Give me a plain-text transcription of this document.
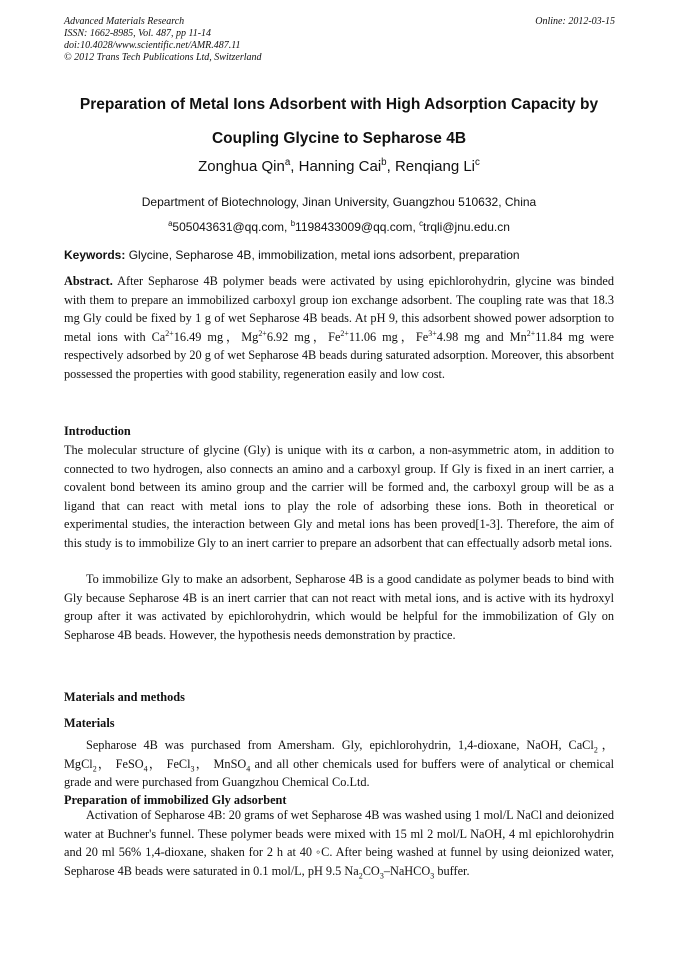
Advanced Materials Research
ISSN: 1662-8985, Vol. 487, pp 11-14
doi:10.4028/www.scientific.net/AMR.487.11
© 2012 Trans Tech Publications Ltd, Switzerland
Online: 2012-03-15
Preparation of Metal Ions Adsorbent with High Adsorption Capacity by
Coupling Glycine to Sepharose 4B
Zonghua Qin$^a$, Hanning Cai$^b$, Renqiang Li$^c$
Department of Biotechnology, Jinan University, Guangzhou 510632, China
$^a$505043631@qq.com, $^b$1198433009@qq.com, $^c$trqli@jnu.edu.cn
Keywords: Glycine, Sepharose 4B, immobilization, metal ions adsorbent, preparation
Abstract. After Sepharose 4B polymer beads were activated by using epichlorohydrin, glycine was binded with them to prepare an immobilized carboxyl group ion exchange adsorbent. The coupling rate was that 18.3 mg Gly could be fixed by 1 g of wet Sepharose 4B beads. At pH 9, this adsorbent showed power adsorption to metal ions with $Ca^{2+}16.49$ mg，$Mg^{2+}6.92$ mg，$Fe^{2+}11.06$ mg，$Fe^{3+}4.98$ mg and $Mn^{2+}11.84$ mg were respectively adsorbed by 20 g of wet Sepharose 4B beads during saturated adsorption. Moreover, this absorbent possessed the properties with good stability, regeneration easily and low cost.
Introduction
The molecular structure of glycine (Gly) is unique with its α carbon, a non-asymmetric atom, in addition to connected to two hydrogen, also connects an amino and a carboxyl group. If Gly is fixed in an inert carrier, a covalent bond between its amino group and the carrier will be formed and, the carboxyl group will be as a ligand that can react with metal ions to play the role of adsorbing these ions. Both in theoretical or experimental studies, the interaction between Gly and metal ions has been proved[1-3]. Therefore, the aim of this study is to immobilize Gly to an inert carrier to prepare an adsorbent that can effectually adsorb metal ions.
To immobilize Gly to make an adsorbent, Sepharose 4B is a good candidate as polymer beads to bind with Gly because Sepharose 4B is an inert carrier that can not react with metal ions, and is active with its hydroxyl group after it was activated by epichlorohydrin, which would be helpful for the immobilization of Gly on Sepharose 4B beads. However, the hypothesis needs demonstration by practice.
Materials and methods
Materials
Sepharose 4B was purchased from Amersham. Gly, epichlorohydrin, 1,4-dioxane, NaOH, CaCl$_2$， MgCl$_2$， FeSO$_4$， FeCl$_3$， MnSO$_4$ and all other chemicals used for buffers were of analytical or chemical grade and were purchased from Guangzhou Chemical Co.Ltd.
Preparation of immobilized Gly adsorbent
Activation of Sepharose 4B: 20 grams of wet Sepharose 4B was washed using 1 mol/L NaCl and deionized water at Buchner's funnel. These polymer beads were mixed with 15 ml 2 mol/L NaOH, 4 ml epichlorohydrin and 20 ml 56% 1,4-dioxane, shaken for 2 h at 40 ◦C. After being washed at funnel by using deionized water, Sepharose 4B beads were saturated in 0.1 mol/L, pH 9.5 $Na_2CO_3-NaHCO_3$ buffer.
